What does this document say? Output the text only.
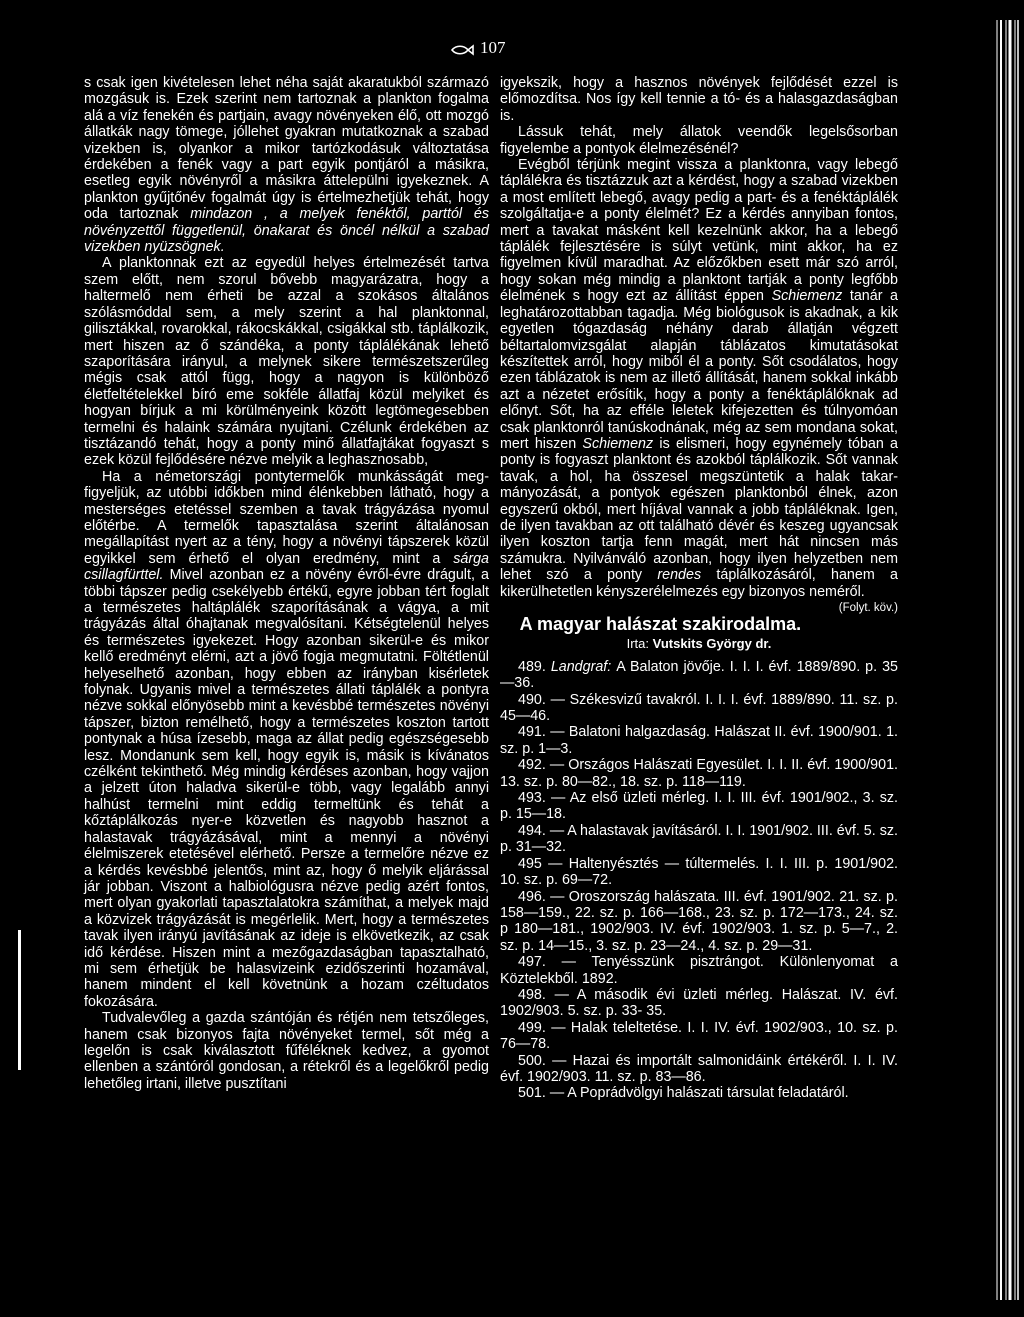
107

s csak igen kivételesen lehet néha saját akaratukból származó mozgásuk is. Ezek szerint nem tartoznak a plankton fogalma alá a víz fenekén és partjain, avagy növényeken élő, ott mozgó állatkák nagy tömege, jóllehet gyakran mutatkoznak a szabad vizekben is, olyankor a mikor tartózkodásuk változtatása érdekében a fenék vagy a part egyik pontjáról a másikra, esetleg egyik növényről a másikra áttelepülni igyekeznek. A plankton gyűjtőnév fogalmát úgy is értelmezhetjük tehát, hogy oda tartoznak mindazon , a melyek fenéktől, parttól és növényzettől függetlenül, önakarat és öncél nélkül a szabad vizekben nyüzsögnek.

A planktonnak ezt az egyedül helyes értelmezését tartva szem előtt, nem szorul bővebb magyarázatra, hogy a haltermelő nem érheti be azzal a szokásos általános szólásmóddal sem, a mely szerint a hal planktonnal, gilisztákkal, rovarokkal, rákocskákkal, csigákkal stb. táplálkozik, mert hiszen az ő szándéka, a ponty táplálékának lehető szaporítására irányul, a melynek sikere természetszerűleg mégis csak attól függ, hogy a nagyon is különböző életfeltételekkel bíró eme sokféle állatfaj közül melyiket és hogyan bírjuk a mi körülményeink között legtömegesebben termelni és halaink számára nyujtani. Czélunk érdekében az tisztázandó tehát, hogy a ponty minő állatfajtákat fogyaszt s ezek közül fejlődésére nézve melyik a leghasznosabb,

Ha a németországi pontytermelők munkásságát megfigyeljük, az utóbbi időkben mind élénkebben látható, hogy a mesterséges etetéssel szemben a tavak trágyázása nyomul előtérbe. A termelők tapasztalása szerint általánosan megállapítást nyert az a tény, hogy a növényi tápszerek közül egyikkel sem érhető el olyan eredmény, mint a sárga csillagfürttel. Mivel azonban ez a növény évről-évre drágult, a többi tápszer pedig csekélyebb értékű, egyre jobban tért foglalt a természetes haltáplálék szaporításának a vágya, a mit trágyázás által óhajtanak megvalósítani. Kétségtelenül helyes és természetes igyekezet. Hogy azonban sikerül-e és mikor kellő eredményt elérni, azt a jövő fogja megmutatni. Föltétlenül helyeselhető azonban, hogy ebben az irányban kisérletek folynak. Ugyanis mivel a természetes állati táplálék a pontyra nézve sokkal előnyösebb mint a kevésbbé természetes növényi tápszer, bizton remélhető, hogy a természetes koszton tartott pontynak a húsa ízesebb, maga az állat pedig egészségesebb lesz. Mondanunk sem kell, hogy egyik is, másik is kívánatos czélként tekinthető. Még mindig kérdéses azonban, hogy vajjon a jelzett úton haladva sikerül-e több, vagy legalább annyi halhúst termelni mint eddig termeltünk és tehát a kőztáplálkozás nyer-e közvetlen és nagyobb hasznot a halastavak trágyázásával, mint a mennyi a növényi élelmiszerek etetésével elérhető. Persze a termelőre nézve ez a kérdés kevésbbé jelentős, mint az, hogy ő melyik eljárással jár jobban. Viszont a halbiológusra nézve pedig azért fontos, mert olyan gyakorlati tapasztalatokra számíthat, a melyek majd a közvizek trágyázását is megérlelik. Mert, hogy a természetes tavak ilyen irányú javításának az ideje is elkövetkezik, az csak idő kérdése. Hiszen mint a mezőgazdaságban tapasztalható, mi sem érhetjük be halasvizeink ezidőszerinti hozamával, hanem mindent el kell követnünk a hozam czéltudatos fokozására.

Tudvalevőleg a gazda szántóján és rétjén nem tetszőleges, hanem csak bizonyos fajta növényeket termel, sőt még a legelőn is csak kiválasztott fűféléknek kedvez, a gyomot ellenben a szántóról gondosan, a rétekről és a legelőkről pedig lehetőleg irtani, illetve pusztítani

igyekszik, hogy a hasznos növények fejlődését ezzel is előmozdítsa. Nos így kell tennie a tó- és a halasgazdaságban is.

Lássuk tehát, mely állatok veendők legelsősorban figyelembe a pontyok élelmezésénél?

Evégből térjünk megint vissza a planktonra, vagy lebegő táplálékra és tisztázzuk azt a kérdést, hogy a szabad vizekben a most említett lebegő, avagy pedig a part- és a fenéktáplálék szolgáltatja-e a ponty élelmét? Ez a kérdés annyiban fontos, mert a tavakat másként kell kezelnünk akkor, ha a lebegő táplálék fejlesztésére is súlyt vetünk, mint akkor, ha ez figyelmen kívül maradhat. Az előzőkben esett már szó arról, hogy sokan még mindig a planktont tartják a ponty legfőbb élelmének s hogy ezt az állítást éppen Schiemenz tanár a leghatározottabban tagadja. Még biológusok is akadnak, a kik egyetlen tógazdaság néhány darab állatján végzett béltartalomvizsgálat alapján táblázatos kimutatásokat készítettek arról, hogy miből él a ponty. Sőt csodálatos, hogy ezen táblázatok is nem az illető állítását, hanem sokkal inkább azt a nézetet erősítik, hogy a ponty a fenéktáplálóknak ad előnyt. Sőt, ha az efféle leletek kifejezetten és túlnyomóan csak planktonról tanúskodnának, még az sem mondana sokat, mert hiszen Schiemenz is elismeri, hogy egynémely tóban a ponty is fogyaszt planktont és azokból táplálkozik. Sőt vannak tavak, a hol, ha összesel megszüntetik a halak takarmányozását, a pontyok egészen planktonból élnek, azon egyszerű okból, mert híjával vannak a jobb tápláléknak. Igen, de ilyen tavakban az ott található dévér és keszeg ugyancsak ilyen koszton tartja fenn magát, mert hát nincsen más számukra. Nyilvánváló azonban, hogy ilyen helyzetben nem lehet szó a ponty rendes táplálkozásáról, hanem a kikerülhetetlen kényszerélelmezés egy bizonyos neméről.
(Folyt. köv.)

A magyar halászat szakirodalma.
Irta: Vutskits György dr.

489. Landgraf: A Balaton jövője. I. I. I. évf. 1889/890. p. 35—36.

490. — Székesvizű tavakról. I. I. I. évf. 1889/890. 11. sz. p. 45—46.

491. — Balatoni halgazdaság. Halászat II. évf. 1900/901. 1. sz. p. 1—3.

492. — Országos Halászati Egyesület. I. I. II. évf. 1900/901. 13. sz. p. 80—82., 18. sz. p. 118—119.

493. — Az első üzleti mérleg. I. I. III. évf. 1901/902., 3. sz. p. 15—18.

494. — A halastavak javításáról. I. I. 1901/902. III. évf. 5. sz. p. 31—32.

495 — Haltenyésztés — túltermelés. I. I. III. p. 1901/902. 10. sz. p. 69—72.

496. — Oroszország halászata. III. évf. 1901/902. 21. sz. p. 158—159., 22. sz. p. 166—168., 23. sz. p. 172—173., 24. sz. p 180—181., 1902/903. IV. évf. 1902/903. 1. sz. p. 5—7., 2. sz. p. 14—15., 3. sz. p. 23—24., 4. sz. p. 29—31.

497. — Tenyésszünk pisztrángot. Különlenyomat a Köztelekből. 1892.

498. — A második évi üzleti mérleg. Halászat. IV. évf. 1902/903. 5. sz. p. 33- 35.

499. — Halak teleltetése. I. I. IV. évf. 1902/903., 10. sz. p. 76—78.

500. — Hazai és importált salmonidáink értékéről. I. I. IV. évf. 1902/903. 11. sz. p. 83—86.

501. — A Poprádvölgyi halászati társulat feladatáról.
